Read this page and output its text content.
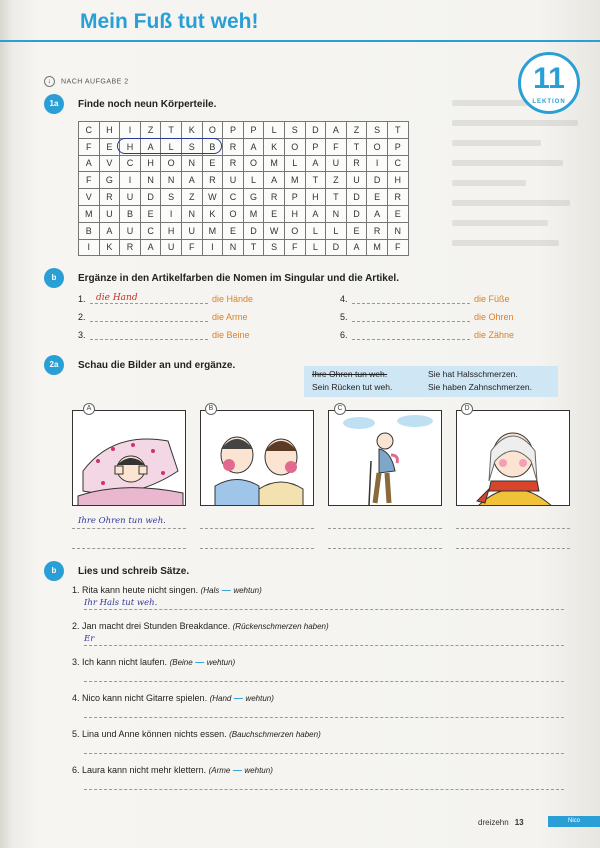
Mein Fuß tut weh!
11
LEKTION
↓ NACH AUFGABE 2
1a	Finde noch neun Körperteile.
C	H	I	Z	T	K	O	P	P	L	S	D	A	Z	S	T
F	E	H	A	L	S	B	R	A	K	O	P	F	T	O	P
A	V	C	H	O	N	E	R	O	M	L	A	U	R	I	C
F	G	I	N	N	A	R	U	L	A	M	T	Z	U	D	H
V	R	U	D	S	Z	W	C	G	R	P	H	T	D	E	R
M	U	B	E	I	N	K	O	M	E	H	A	N	D	A	E
B	A	U	C	H	U	M	E	D	W	O	L	L	E	R	N
I	K	R	A	U	F	I	N	T	S	F	L	D	A	M	F
b	Ergänze in den Artikelfarben die Nomen im Singular und die Artikel.
1. die Hand	die Hände
2.	die Arme
3.	die Beine
4.	die Füße
5.	die Ohren
6.	die Zähne
2a	Schau die Bilder an und ergänze.
Ihre Ohren tun weh.	Sie hat Halsschmerzen.
Sein Rücken tut weh.	Sie haben Zahnschmerzen.
A	B	C	D
Ihre Ohren tun weh.
b	Lies und schreib Sätze.
1. Rita kann heute nicht singen. (Hals — wehtun)
Ihr Hals tut weh.
2. Jan macht drei Stunden Breakdance. (Rückenschmerzen haben)
Er
3. Ich kann nicht laufen. (Beine — wehtun)
4. Nico kann nicht Gitarre spielen. (Hand — wehtun)
5. Lina und Anne können nichts essen. (Bauchschmerzen haben)
6. Laura kann nicht mehr klettern. (Arme — wehtun)
dreizehn 13	Nico
